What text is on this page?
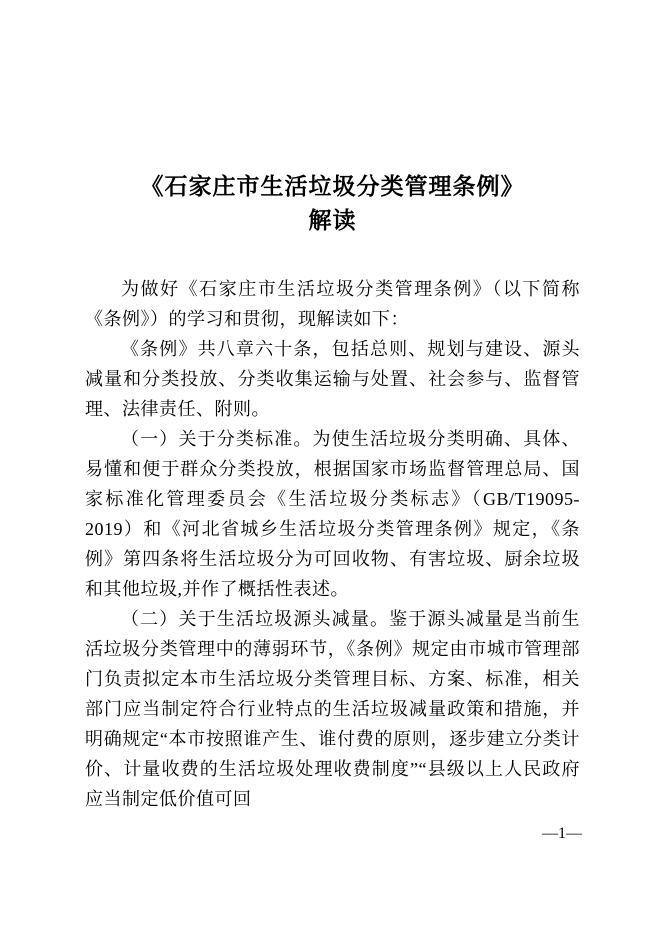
《石家庄市生活垃圾分类管理条例》
解读

为做好《石家庄市生活垃圾分类管理条例》（以下简称《条例》）的学习和贯彻，现解读如下：

《条例》共八章六十条，包括总则、规划与建设、源头减量和分类投放、分类收集运输与处置、社会参与、监督管理、法律责任、附则。

（一）关于分类标准。为使生活垃圾分类明确、具体、易懂和便于群众分类投放，根据国家市场监督管理总局、国家标准化管理委员会《生活垃圾分类标志》（GB/T19095-2019）和《河北省城乡生活垃圾分类管理条例》规定，《条例》第四条将生活垃圾分为可回收物、有害垃圾、厨余垃圾和其他垃圾,并作了概括性表述。

（二）关于生活垃圾源头减量。鉴于源头减量是当前生活垃圾分类管理中的薄弱环节，《条例》规定由市城市管理部门负责拟定本市生活垃圾分类管理目标、方案、标准，相关部门应当制定符合行业特点的生活垃圾减量政策和措施，并明确规定“本市按照谁产生、谁付费的原则，逐步建立分类计价、计量收费的生活垃圾处理收费制度”“县级以上人民政府应当制定低价值可回

—1—
